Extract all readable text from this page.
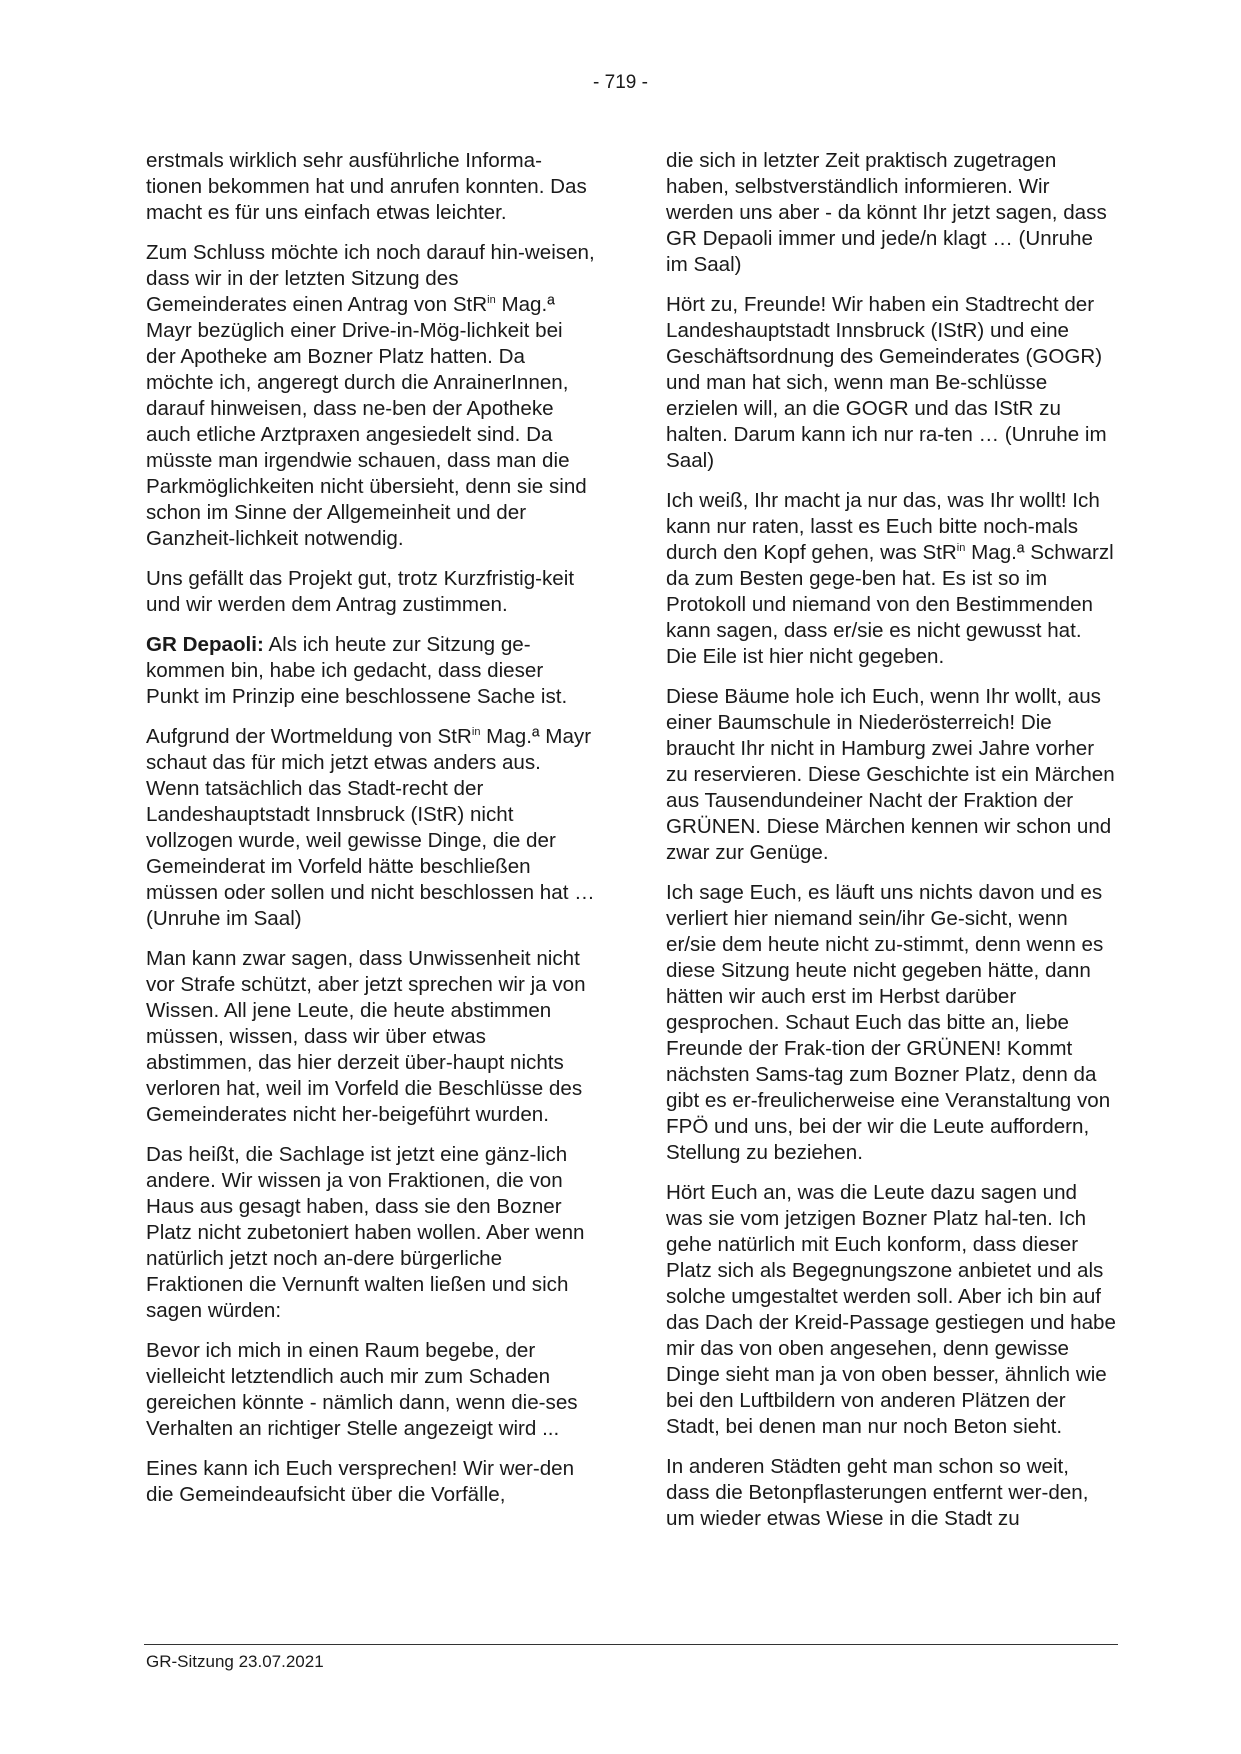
- 719 -

erstmals wirklich sehr ausführliche Informa-tionen bekommen hat und anrufen konnten. Das macht es für uns einfach etwas leichter.

Zum Schluss möchte ich noch darauf hin-weisen, dass wir in der letzten Sitzung des Gemeinderates einen Antrag von StR$^{in}$ Mag.ª Mayr bezüglich einer Drive-in-Mög-lichkeit bei der Apotheke am Bozner Platz hatten. Da möchte ich, angeregt durch die AnrainerInnen, darauf hinweisen, dass ne-ben der Apotheke auch etliche Arztpraxen angesiedelt sind. Da müsste man irgendwie schauen, dass man die Parkmöglichkeiten nicht übersieht, denn sie sind schon im Sinne der Allgemeinheit und der Ganzheit-lichkeit notwendig.

Uns gefällt das Projekt gut, trotz Kurzfristig-keit und wir werden dem Antrag zustimmen.

GR Depaoli: Als ich heute zur Sitzung ge-kommen bin, habe ich gedacht, dass dieser Punkt im Prinzip eine beschlossene Sache ist.

Aufgrund der Wortmeldung von StR$^{in}$ Mag.ª Mayr schaut das für mich jetzt etwas anders aus. Wenn tatsächlich das Stadt-recht der Landeshauptstadt Innsbruck (IStR) nicht vollzogen wurde, weil gewisse Dinge, die der Gemeinderat im Vorfeld hätte beschließen müssen oder sollen und nicht beschlossen hat … (Unruhe im Saal)

Man kann zwar sagen, dass Unwissenheit nicht vor Strafe schützt, aber jetzt sprechen wir ja von Wissen. All jene Leute, die heute abstimmen müssen, wissen, dass wir über etwas abstimmen, das hier derzeit über-haupt nichts verloren hat, weil im Vorfeld die Beschlüsse des Gemeinderates nicht her-beigeführt wurden.

Das heißt, die Sachlage ist jetzt eine gänz-lich andere. Wir wissen ja von Fraktionen, die von Haus aus gesagt haben, dass sie den Bozner Platz nicht zubetoniert haben wollen. Aber wenn natürlich jetzt noch an-dere bürgerliche Fraktionen die Vernunft walten ließen und sich sagen würden:

Bevor ich mich in einen Raum begebe, der vielleicht letztendlich auch mir zum Schaden gereichen könnte - nämlich dann, wenn die-ses Verhalten an richtiger Stelle angezeigt wird ...

Eines kann ich Euch versprechen! Wir wer-den die Gemeindeaufsicht über die Vorfälle,

die sich in letzter Zeit praktisch zugetragen haben, selbstverständlich informieren. Wir werden uns aber - da könnt Ihr jetzt sagen, dass GR Depaoli immer und jede/n klagt … (Unruhe im Saal)

Hört zu, Freunde! Wir haben ein Stadtrecht der Landeshauptstadt Innsbruck (IStR) und eine Geschäftsordnung des Gemeinderates (GOGR) und man hat sich, wenn man Be-schlüsse erzielen will, an die GOGR und das IStR zu halten. Darum kann ich nur ra-ten … (Unruhe im Saal)

Ich weiß, Ihr macht ja nur das, was Ihr wollt! Ich kann nur raten, lasst es Euch bitte noch-mals durch den Kopf gehen, was StR$^{in}$ Mag.ª Schwarzl da zum Besten gege-ben hat. Es ist so im Protokoll und niemand von den Bestimmenden kann sagen, dass er/sie es nicht gewusst hat. Die Eile ist hier nicht gegeben.

Diese Bäume hole ich Euch, wenn Ihr wollt, aus einer Baumschule in Niederösterreich! Die braucht Ihr nicht in Hamburg zwei Jahre vorher zu reservieren. Diese Geschichte ist ein Märchen aus Tausendundeiner Nacht der Fraktion der GRÜNEN. Diese Märchen kennen wir schon und zwar zur Genüge.

Ich sage Euch, es läuft uns nichts davon und es verliert hier niemand sein/ihr Ge-sicht, wenn er/sie dem heute nicht zu-stimmt, denn wenn es diese Sitzung heute nicht gegeben hätte, dann hätten wir auch erst im Herbst darüber gesprochen. Schaut Euch das bitte an, liebe Freunde der Frak-tion der GRÜNEN! Kommt nächsten Sams-tag zum Bozner Platz, denn da gibt es er-freulicherweise eine Veranstaltung von FPÖ und uns, bei der wir die Leute auffordern, Stellung zu beziehen.

Hört Euch an, was die Leute dazu sagen und was sie vom jetzigen Bozner Platz hal-ten. Ich gehe natürlich mit Euch konform, dass dieser Platz sich als Begegnungszone anbietet und als solche umgestaltet werden soll. Aber ich bin auf das Dach der Kreid-Passage gestiegen und habe mir das von oben angesehen, denn gewisse Dinge sieht man ja von oben besser, ähnlich wie bei den Luftbildern von anderen Plätzen der Stadt, bei denen man nur noch Beton sieht.

In anderen Städten geht man schon so weit, dass die Betonpflasterungen entfernt wer-den, um wieder etwas Wiese in die Stadt zu

GR-Sitzung 23.07.2021
